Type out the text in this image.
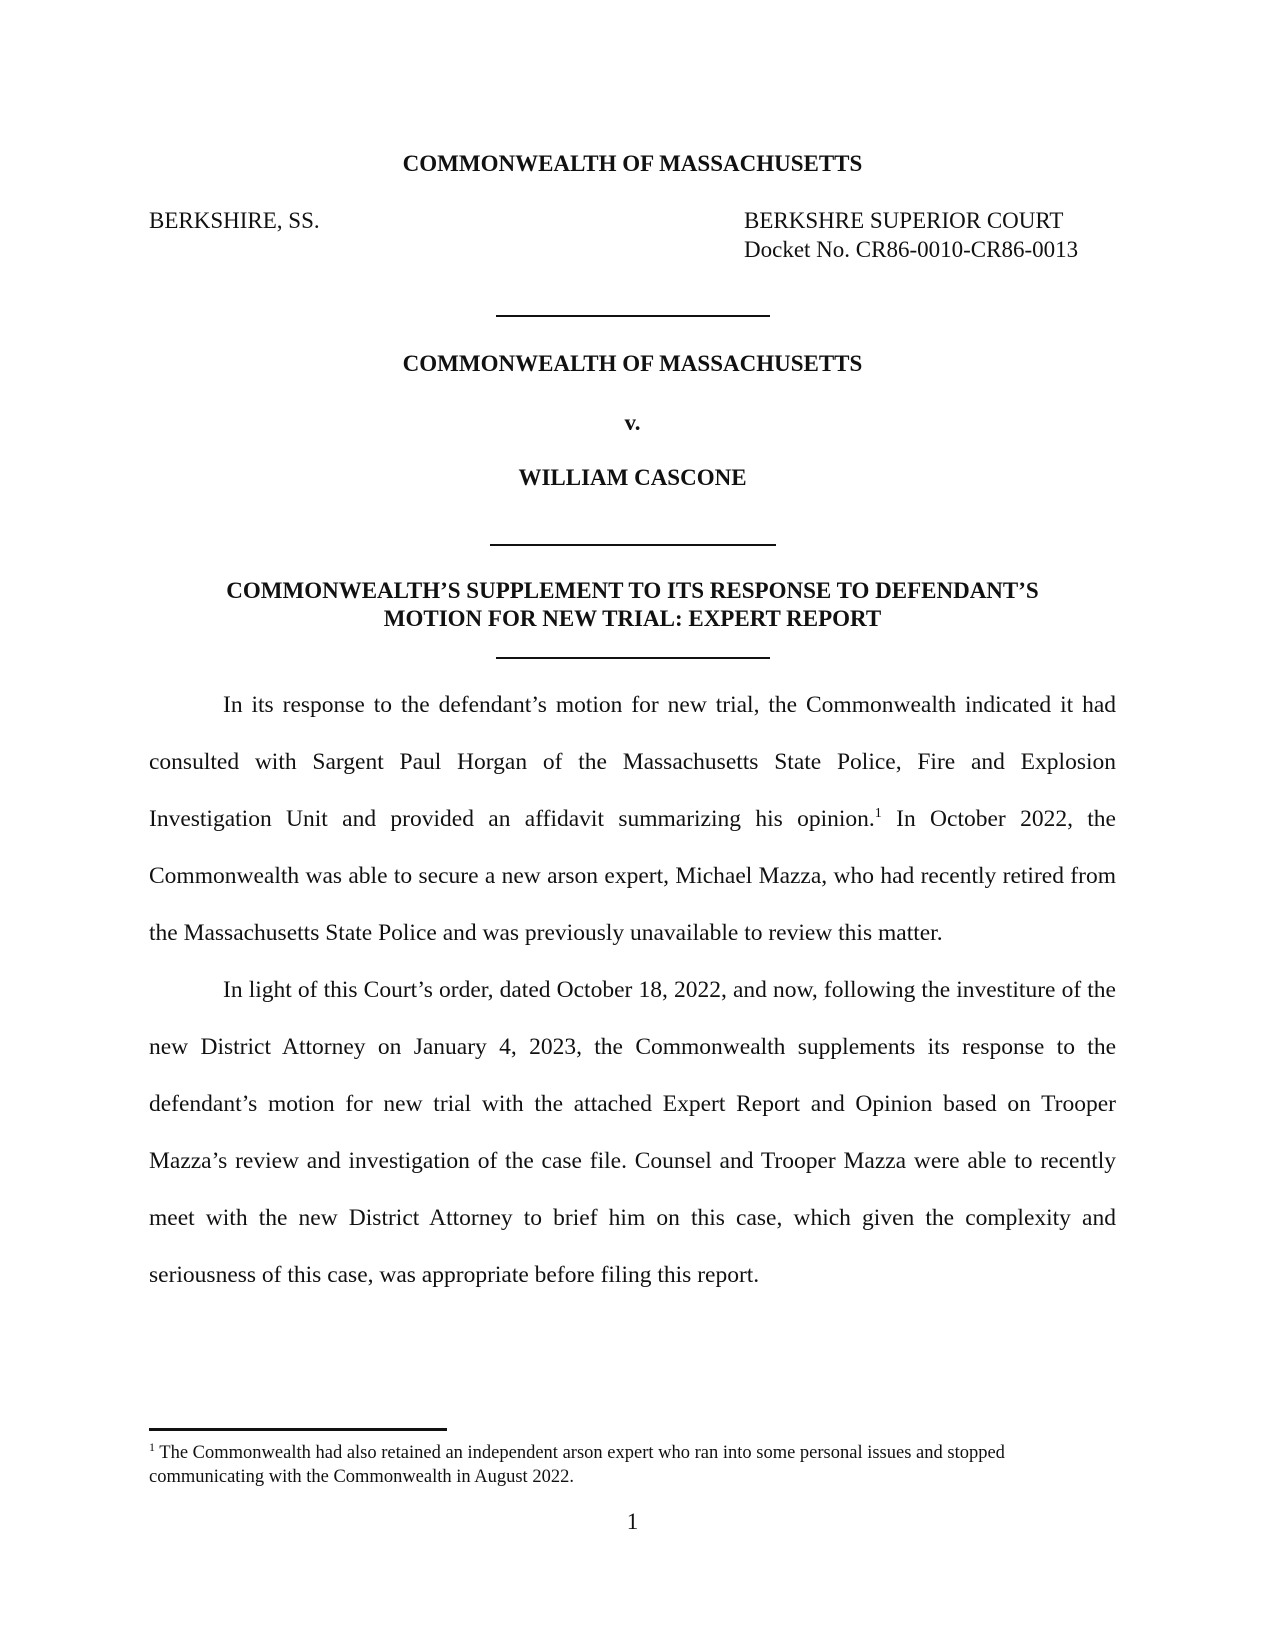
COMMONWEALTH OF MASSACHUSETTS
BERKSHIRE, SS.	BERKSHRE SUPERIOR COURT
Docket No. CR86-0010-CR86-0013
COMMONWEALTH OF MASSACHUSETTS
v.
WILLIAM CASCONE
COMMONWEALTH’S SUPPLEMENT TO ITS RESPONSE TO DEFENDANT’S
MOTION FOR NEW TRIAL: EXPERT REPORT

In its response to the defendant’s motion for new trial, the Commonwealth indicated it had consulted with Sargent Paul Horgan of the Massachusetts State Police, Fire and Explosion Investigation Unit and provided an affidavit summarizing his opinion.$^1$ In October 2022, the Commonwealth was able to secure a new arson expert, Michael Mazza, who had recently retired from the Massachusetts State Police and was previously unavailable to review this matter.

In light of this Court’s order, dated October 18, 2022, and now, following the investiture of the new District Attorney on January 4, 2023, the Commonwealth supplements its response to the defendant’s motion for new trial with the attached Expert Report and Opinion based on Trooper Mazza’s review and investigation of the case file. Counsel and Trooper Mazza were able to recently meet with the new District Attorney to brief him on this case, which given the complexity and seriousness of this case, was appropriate before filing this report.

$^1$ The Commonwealth had also retained an independent arson expert who ran into some personal issues and stopped communicating with the Commonwealth in August 2022.
1
